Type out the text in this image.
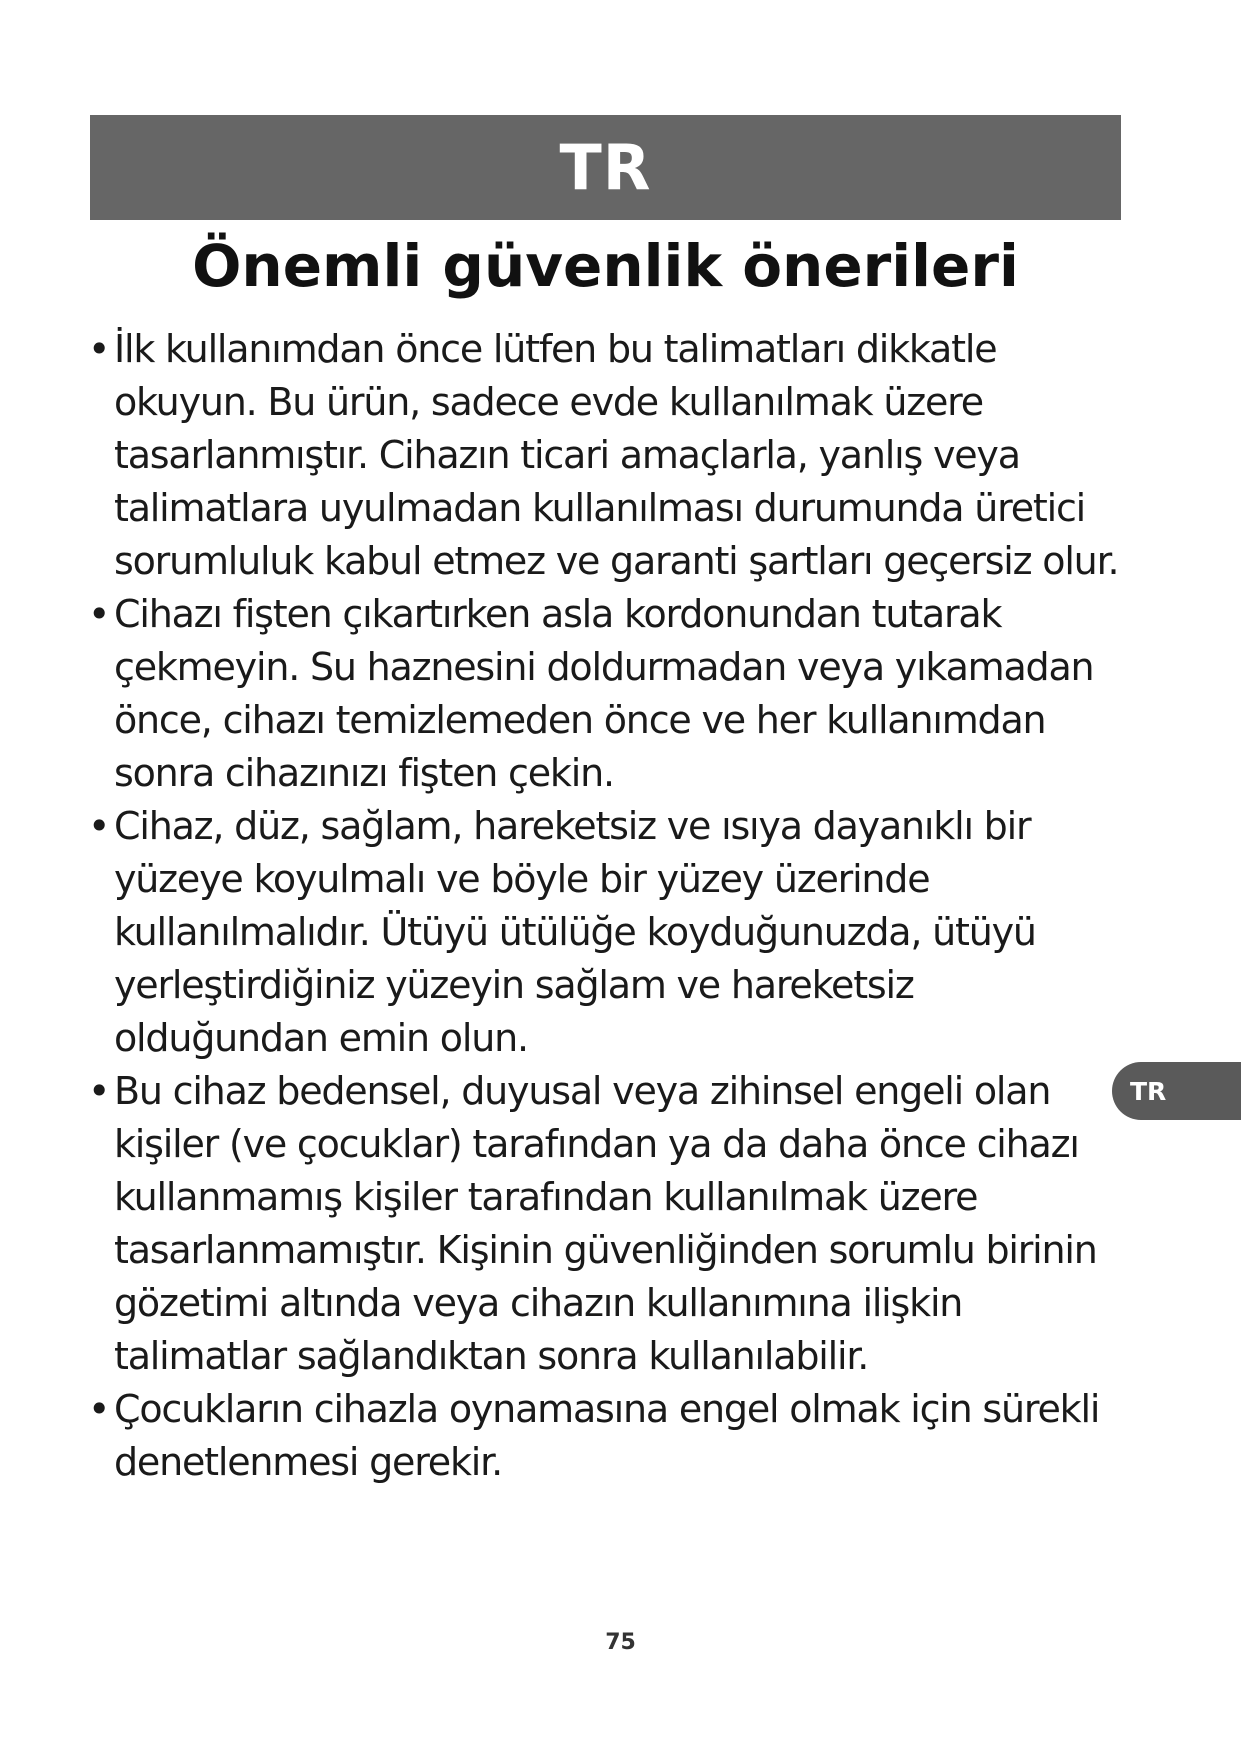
TR
Önemli güvenlik önerileri
• İlk kullanımdan önce lütfen bu talimatları dikkatle okuyun. Bu ürün, sadece evde kullanılmak üzere tasarlanmıştır. Cihazın ticari amaçlarla, yanlış veya talimatlara uyulmadan kullanılması durumunda üretici sorumluluk kabul etmez ve garanti şartları geçersiz olur.
• Cihazı fişten çıkartırken asla kordonundan tutarak çekmeyin. Su haznesini doldurmadan veya yıkamadan önce, cihazı temizlemeden önce ve her kullanımdan sonra cihazınızı fişten çekin.
• Cihaz, düz, sağlam, hareketsiz ve ısıya dayanıklı bir yüzeye koyulmalı ve böyle bir yüzey üzerinde kullanılmalıdır. Ütüyü ütülüğe koyduğunuzda, ütüyü yerleştirdiğiniz yüzeyin sağlam ve hareketsiz olduğundan emin olun.
• Bu cihaz bedensel, duyusal veya zihinsel engeli olan kişiler (ve çocuklar) tarafından ya da daha önce cihazı kullanmamış kişiler tarafından kullanılmak üzere tasarlanmamıştır. Kişinin güvenliğinden sorumlu birinin gözetimi altında veya cihazın kullanımına ilişkin talimatlar sağlandıktan sonra kullanılabilir.
• Çocukların cihazla oynamasına engel olmak için sürekli denetlenmesi gerekir.
TR
75
